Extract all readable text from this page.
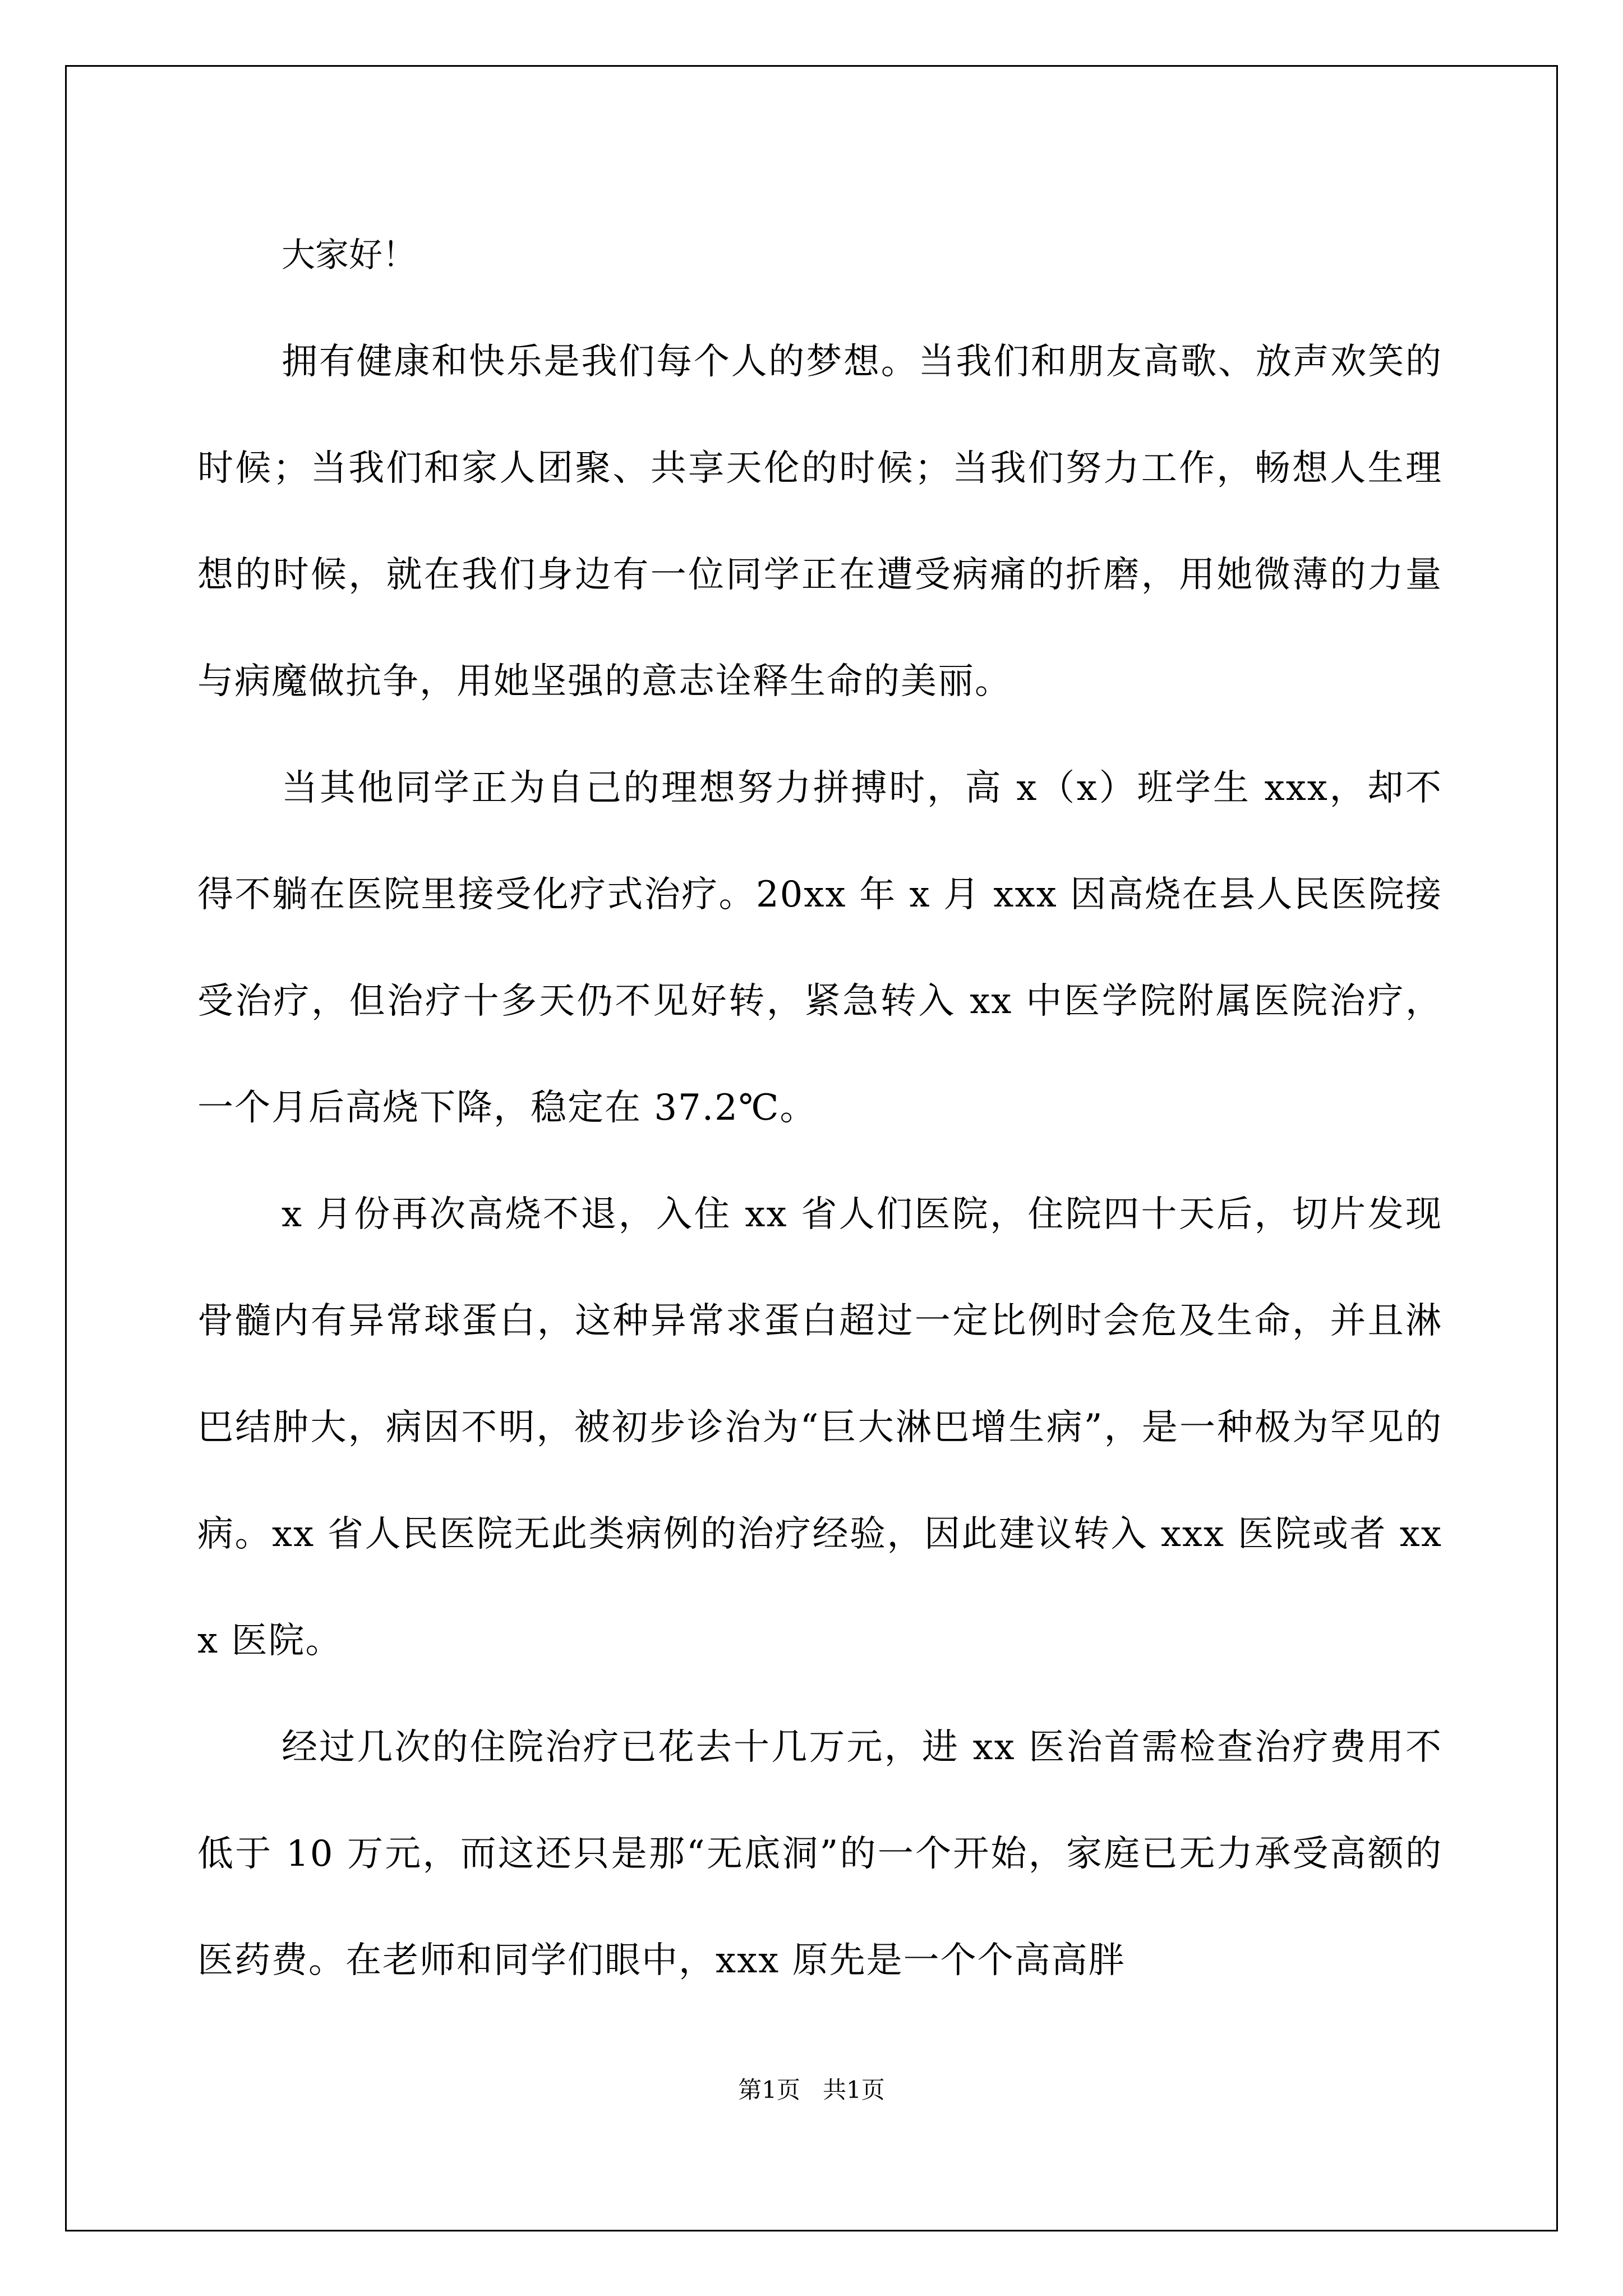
大家好！

拥有健康和快乐是我们每个人的梦想。当我们和朋友高歌、放声欢笑的时候；当我们和家人团聚、共享天伦的时候；当我们努力工作，畅想人生理想的时候，就在我们身边有一位同学正在遭受病痛的折磨，用她微薄的力量与病魔做抗争，用她坚强的意志诠释生命的美丽。

当其他同学正为自己的理想努力拼搏时，高 x（x）班学生 xxx，却不得不躺在医院里接受化疗式治疗。20xx 年 x 月 xxx 因高烧在县人民医院接受治疗，但治疗十多天仍不见好转，紧急转入 xx 中医学院附属医院治疗，一个月后高烧下降，稳定在 37.2℃。

x 月份再次高烧不退，入住 xx 省人们医院，住院四十天后，切片发现骨髓内有异常球蛋白，这种异常求蛋白超过一定比例时会危及生命，并且淋巴结肿大，病因不明，被初步诊治为“巨大淋巴增生病”，是一种极为罕见的病。xx 省人民医院无此类病例的治疗经验，因此建议转入 xxx 医院或者 xxx 医院。

经过几次的住院治疗已花去十几万元，进 xx 医治首需检查治疗费用不低于 10 万元，而这还只是那“无底洞”的一个开始，家庭已无力承受高额的医药费。在老师和同学们眼中，xxx 原先是一个个高高胖

第1页   共1页
